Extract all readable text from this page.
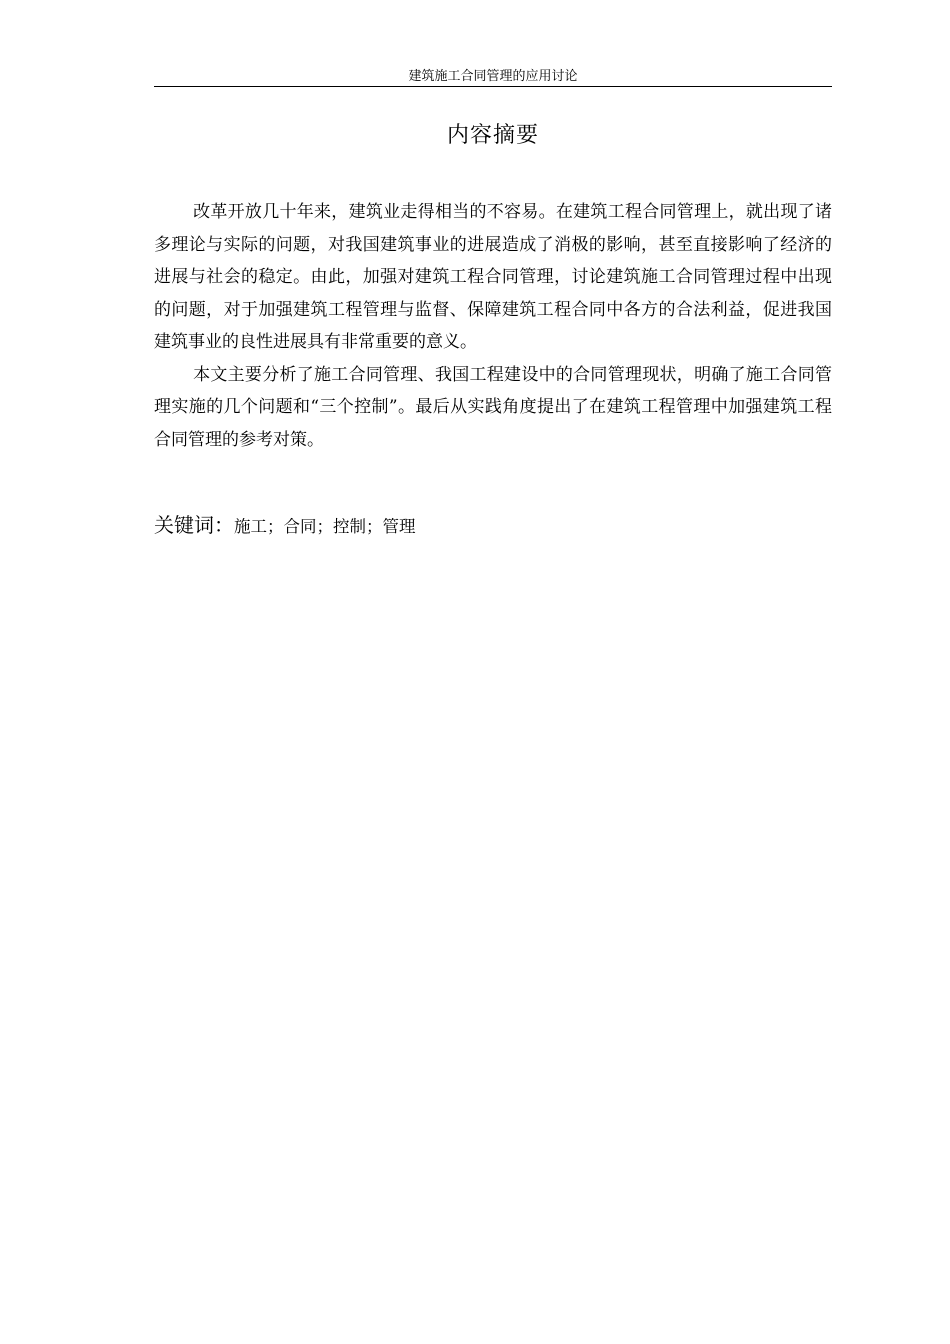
建筑施工合同管理的应用讨论
内容摘要

改革开放几十年来，建筑业走得相当的不容易。在建筑工程合同管理上，就出现了诸多理论与实际的问题，对我国建筑事业的进展造成了消极的影响，甚至直接影响了经济的进展与社会的稳定。由此，加强对建筑工程合同管理，讨论建筑施工合同管理过程中出现的问题，对于加强建筑工程管理与监督、保障建筑工程合同中各方的合法利益，促进我国建筑事业的良性进展具有非常重要的意义。

本文主要分析了施工合同管理、我国工程建设中的合同管理现状，明确了施工合同管理实施的几个问题和“三个控制”。最后从实践角度提出了在建筑工程管理中加强建筑工程合同管理的参考对策。

关键词：施工；合同；控制；管理
